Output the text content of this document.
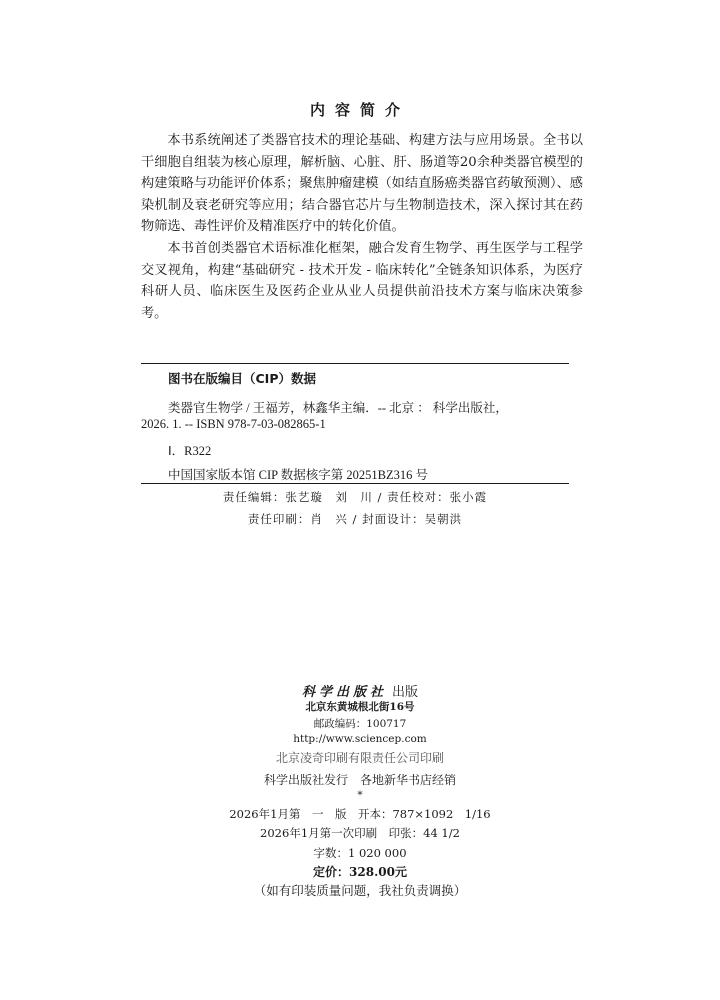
内容简介

本书系统阐述了类器官技术的理论基础、构建方法与应用场景。全书以干细胞自组装为核心原理，解析脑、心脏、肝、肠道等20余种类器官模型的构建策略与功能评价体系；聚焦肿瘤建模（如结直肠癌类器官药敏预测）、感染机制及衰老研究等应用；结合器官芯片与生物制造技术，深入探讨其在药物筛选、毒性评价及精准医疗中的转化价值。

本书首创类器官术语标准化框架，融合发育生物学、再生医学与工程学交叉视角，构建“基础研究 - 技术开发 - 临床转化”全链条知识体系，为医疗科研人员、临床医生及医药企业从业人员提供前沿技术方案与临床决策参考。

图书在版编目（CIP）数据
类器官生物学 / 王福芳，林鑫华主编．-- 北京 ： 科学出版社，
2026. 1. -- ISBN 978-7-03-082865-1
Ⅰ．R322
中国国家版本馆 CIP 数据核字第 20251BZ316 号
责任编辑：张艺璇　刘　川 / 责任校对：张小霞
责任印刷：肖　兴 / 封面设计：吴朝洪
科学出版社 出版
北京东黄城根北街16号
邮政编码：100717
http://www.sciencep.com
北京凌奇印刷有限责任公司印刷
科学出版社发行　各地新华书店经销
*
2026年1月第　一　版　开本：787×1092　1/16
2026年1月第一次印刷　印张：44 1/2
字数：1 020 000
定价：328.00元
（如有印装质量问题，我社负责调换）
